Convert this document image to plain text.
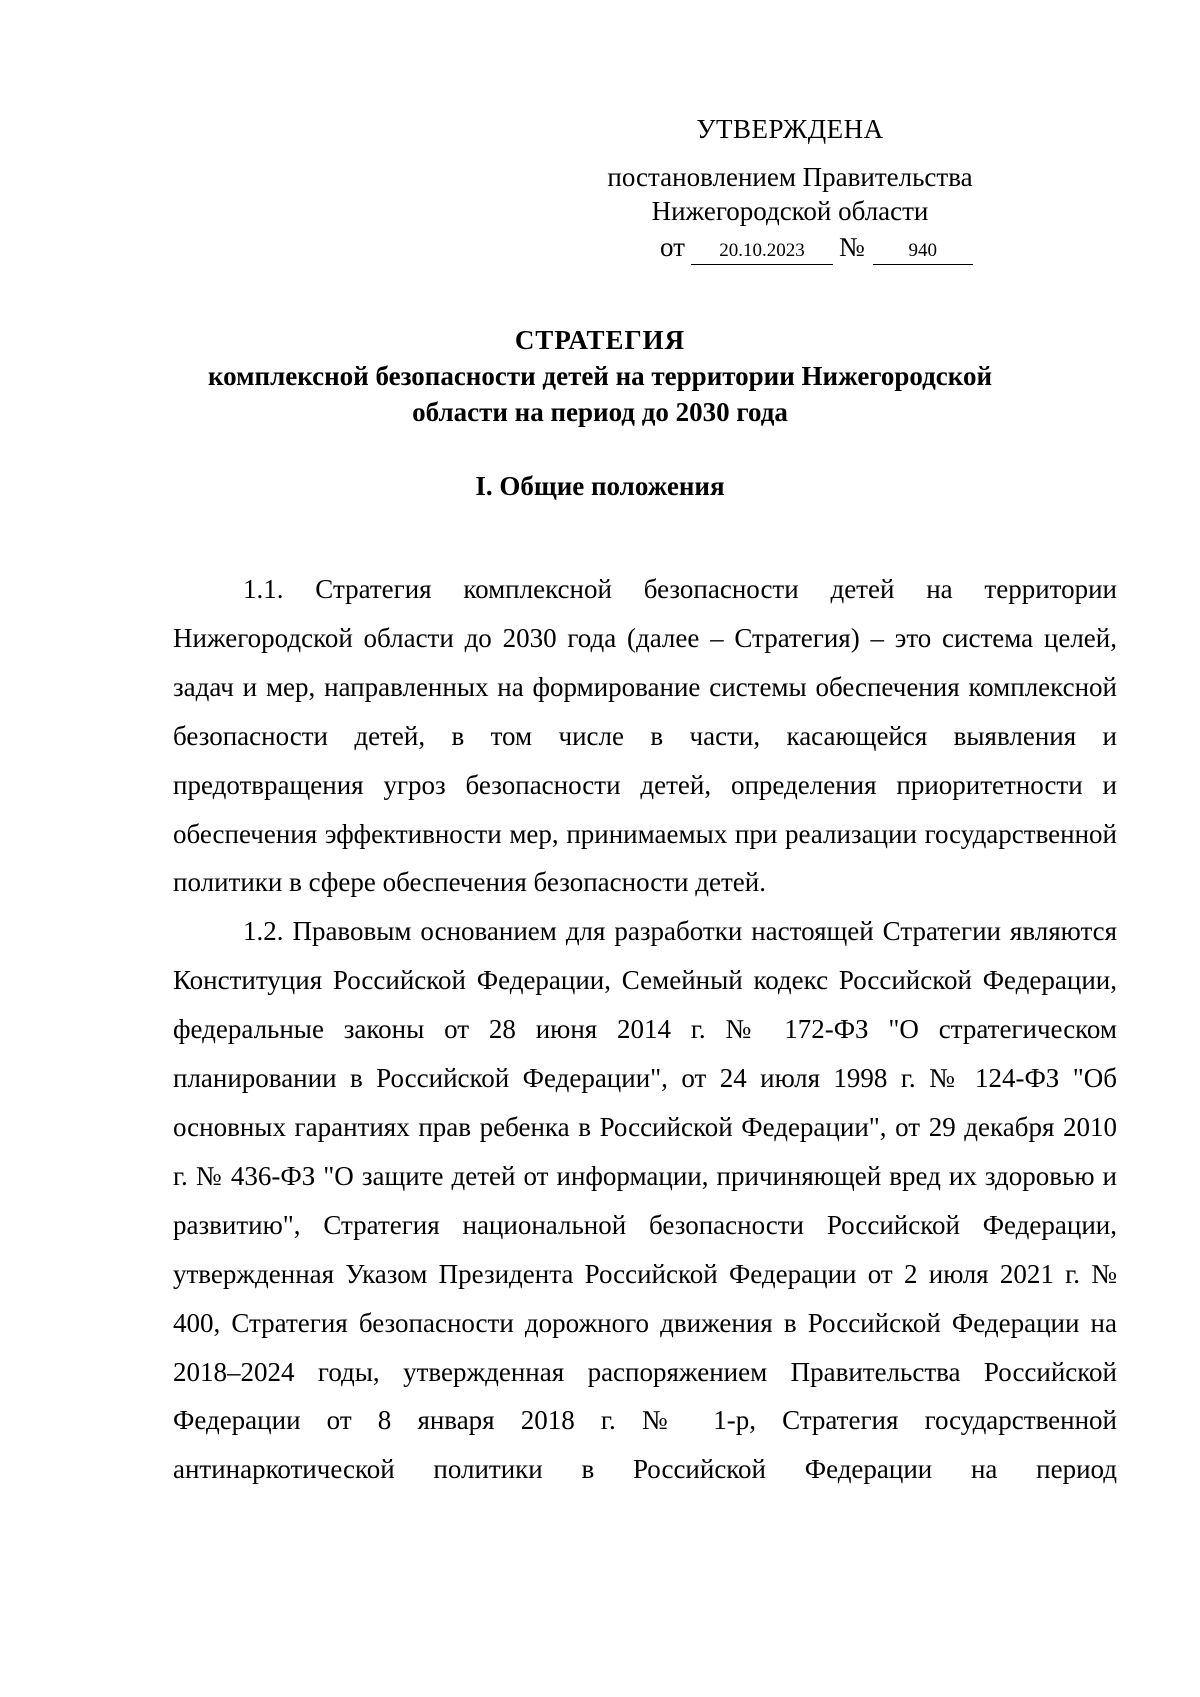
УТВЕРЖДЕНА
постановлением Правительства
Нижегородской области
от 20.10.2023 № 940
СТРАТЕГИЯ
комплексной безопасности детей на территории Нижегородской
области на период до 2030 года
I. Общие положения

1.1. Стратегия комплексной безопасности детей на территории Нижегородской области до 2030 года (далее – Стратегия) – это система целей, задач и мер, направленных на формирование системы обеспечения комплексной безопасности детей, в том числе в части, касающейся выявления и предотвращения угроз безопасности детей, определения приоритетности и обеспечения эффективности мер, принимаемых при реализации государственной политики в сфере обеспечения безопасности детей.

1.2. Правовым основанием для разработки настоящей Стратегии являются Конституция Российской Федерации, Семейный кодекс Российской Федерации, федеральные законы от 28 июня 2014 г. № 172-ФЗ "О стратегическом планировании в Российской Федерации", от 24 июля 1998 г. № 124-ФЗ "Об основных гарантиях прав ребенка в Российской Федерации", от 29 декабря 2010 г. № 436-ФЗ "О защите детей от информации, причиняющей вред их здоровью и развитию", Стратегия национальной безопасности Российской Федерации, утвержденная Указом Президента Российской Федерации от 2 июля 2021 г. № 400, Стратегия безопасности дорожного движения в Российской Федерации на 2018–2024 годы, утвержденная распоряжением Правительства Российской Федерации от 8 января 2018 г. № 1-р, Стратегия государственной антинаркотической политики в Российской Федерации на период
